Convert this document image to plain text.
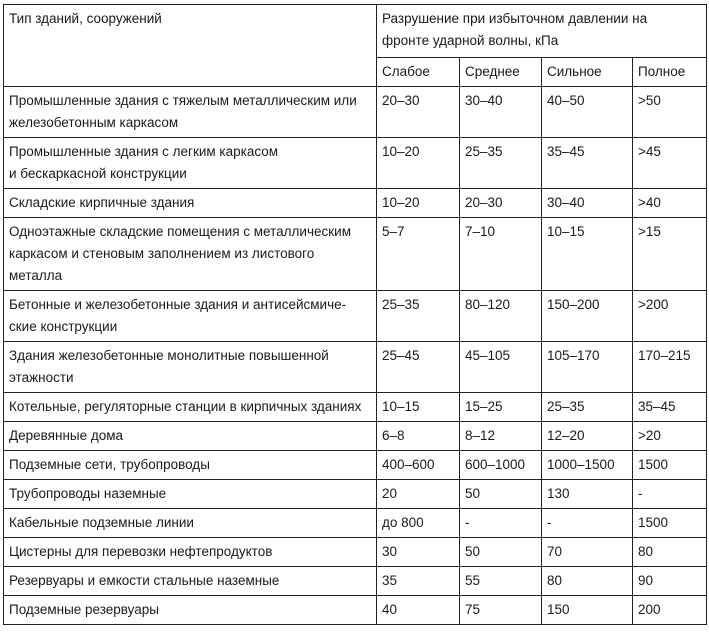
Тип зданий, сооружений	Разрушение при избыточном давлении на
фронте ударной волны, кПа			

	Слабое	Среднее	Сильное	Полное

Промышленные здания с тяжелым металлическим или
железобетонным каркасом	20–30	30–40	40–50	>50

Промышленные здания с легким каркасом
и бескаркасной конструкции	10–20	25–35	35–45	>45

Складские кирпичные здания	10–20	20–30	30–40	>40

Одноэтажные складские помещения с металлическим
каркасом и стеновым заполнением из листового
металла	5–7	7–10	10–15	>15

Бетонные и железобетонные здания и антисейсмиче-
ские конструкции	25–35	80–120	150–200	>200

Здания железобетонные монолитные повышенной
этажности	25–45	45–105	105–170	170–215

Котельные, регуляторные станции в кирпичных зданиях	10–15	15–25	25–35	35–45

Деревянные дома	6–8	8–12	12–20	>20

Подземные сети, трубопроводы	400–600	600–1000	1000–1500	1500

Трубопроводы наземные	20	50	130	-

Кабельные подземные линии	до 800	-	-	1500

Цистерны для перевозки нефтепродуктов	30	50	70	80

Резервуары и емкости стальные наземные	35	55	80	90

Подземные резервуары	40	75	150	200
